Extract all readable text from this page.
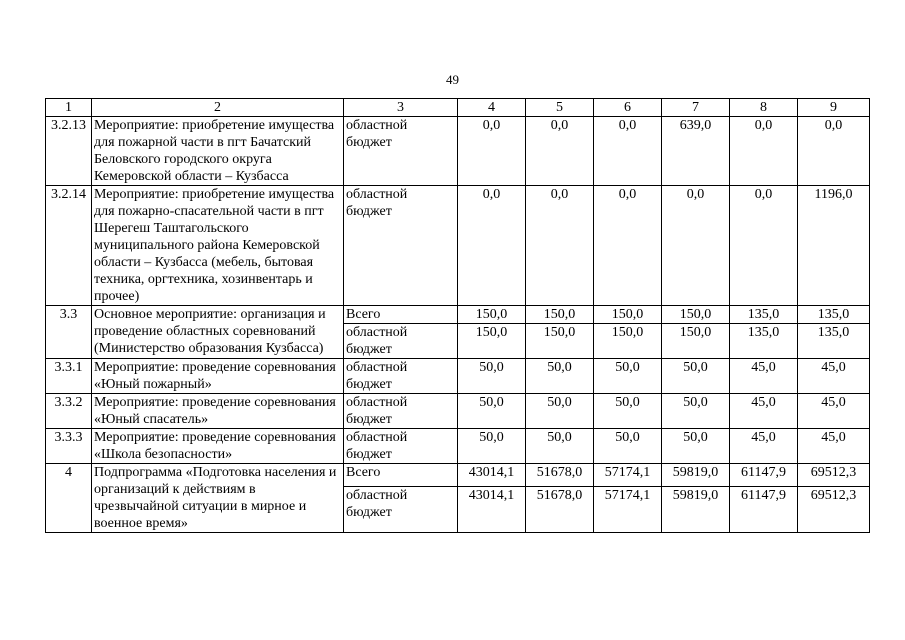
49
1	2	3	4	5	6	7	8	9
3.2.13	Мероприятие: приобретение имущества для пожарной части в пгт Бачатский Беловского городского округа Кемеровской области – Кузбасса	областной бюджет	0,0	0,0	0,0	639,0	0,0	0,0
3.2.14	Мероприятие: приобретение имущества для пожарно-спасательной части в пгт Шерегеш Таштагольского муниципального района Кемеровской области – Кузбасса (мебель, бытовая техника, оргтехника, хозинвентарь и прочее)	областной бюджет	0,0	0,0	0,0	0,0	0,0	1196,0
3.3	Основное мероприятие: организация и проведение областных соревнований (Министерство образования Кузбасса)	Всего	150,0	150,0	150,0	150,0	135,0	135,0
		областной бюджет	150,0	150,0	150,0	150,0	135,0	135,0
3.3.1	Мероприятие: проведение соревнования «Юный пожарный»	областной бюджет	50,0	50,0	50,0	50,0	45,0	45,0
3.3.2	Мероприятие: проведение соревнования «Юный спасатель»	областной бюджет	50,0	50,0	50,0	50,0	45,0	45,0
3.3.3	Мероприятие: проведение соревнования «Школа безопасности»	областной бюджет	50,0	50,0	50,0	50,0	45,0	45,0
4	Подпрограмма «Подготовка населения и организаций к действиям в чрезвычайной ситуации в мирное и военное время»	Всего	43014,1	51678,0	57174,1	59819,0	61147,9	69512,3
		областной бюджет	43014,1	51678,0	57174,1	59819,0	61147,9	69512,3
